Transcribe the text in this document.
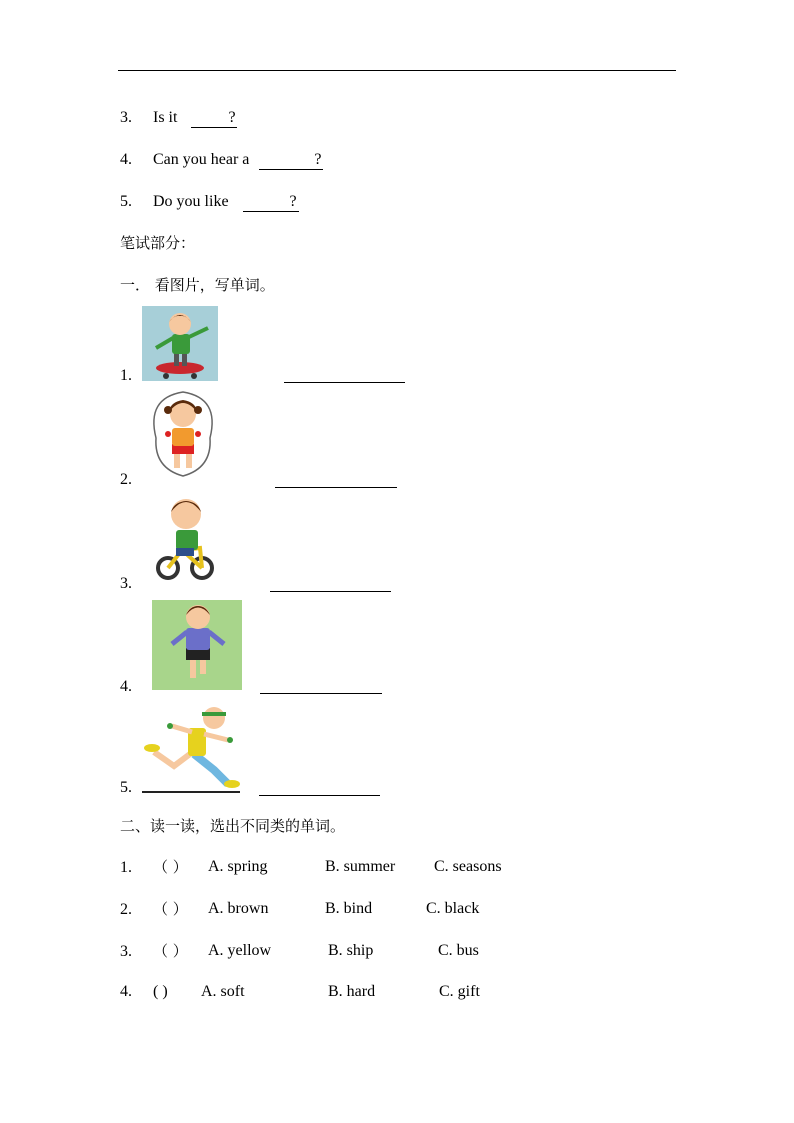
3. Is it	?
4. Can you hear a	?
5. Do you like	?
笔试部分：
一． 看图片，写单词。
1.
2.
3.
4.
5.
二、读一读，选出不同类的单词。
1. （ ） A. spring	B. summer C. seasons
2. （ ） A. brown	B. bind	C. black
3. （ ） A. yellow	B. ship	C. bus
4. ( ) A. soft	B. hard	C. gift
